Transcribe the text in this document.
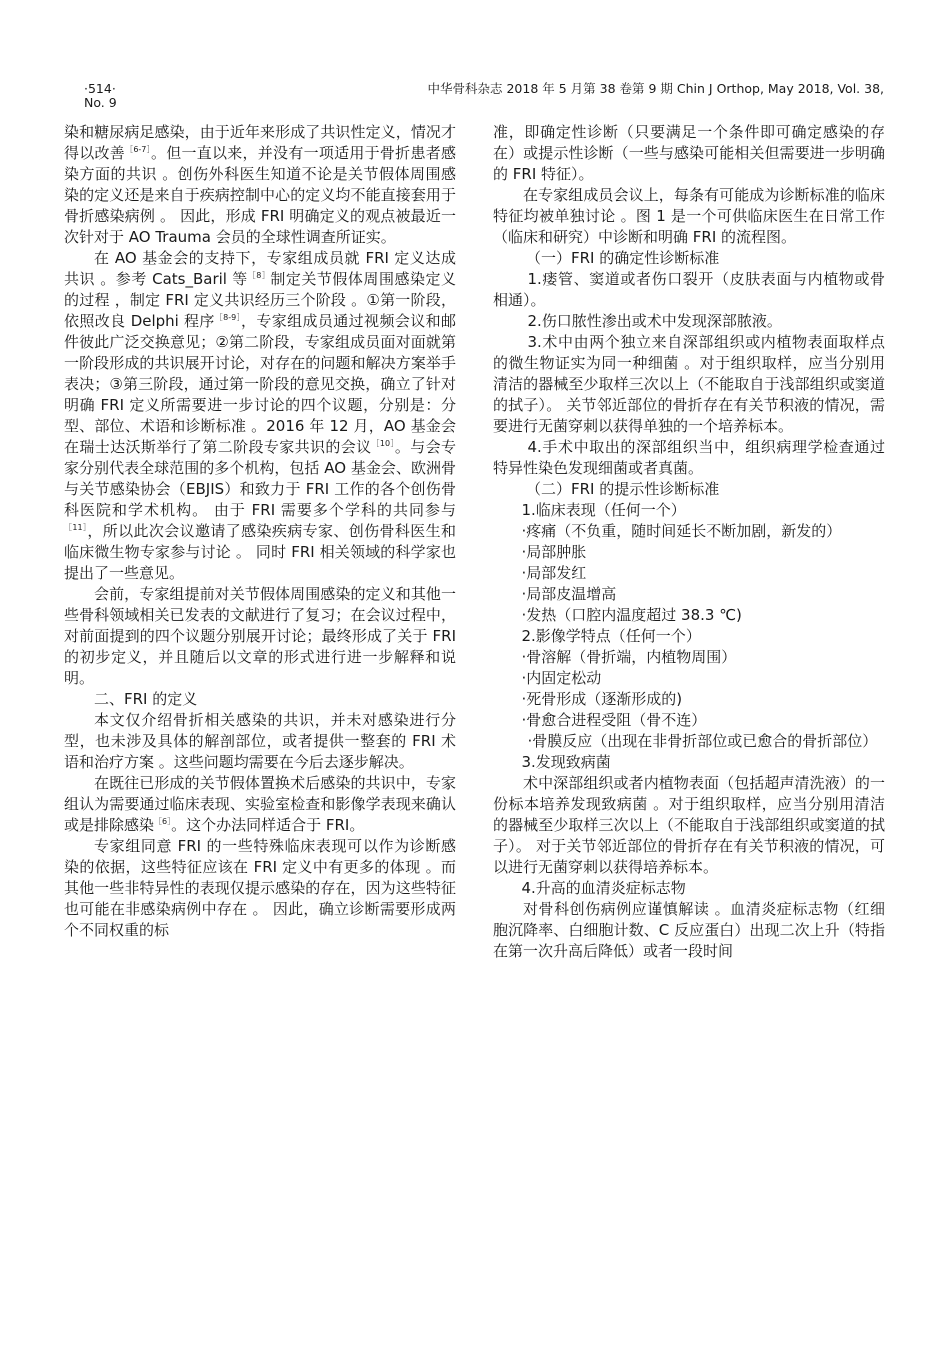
·514·
No. 9
中华骨科杂志 2018 年 5 月第 38 卷第 9 期 Chin J Orthop, May 2018, Vol. 38,

染和糖尿病足感染，由于近年来形成了共识性定义，情况才得以改善$^{[6-7]}$。但一直以来，并没有一项适用于骨折患者感染方面的共识 。创伤外科医生知道不论是关节假体周围感染的定义还是来自于疾病控制中心的定义均不能直接套用于骨折感染病例 。 因此，形成 FRI 明确定义的观点被最近一次针对于 AO Trauma 会员的全球性调查所证实。

在 AO 基金会的支持下，专家组成员就 FRI 定义达成共识 。参考 Cats_Baril 等$^{[8]}$制定关节假体周围感染定义的过程 ，制定 FRI 定义共识经历三个阶段 。①第一阶段，依照改良 Delphi 程序$^{[8-9]}$，专家组成员通过视频会议和邮件彼此广泛交换意见；②第二阶段，专家组成员面对面就第一阶段形成的共识展开讨论，对存在的问题和解决方案举手表决；③第三阶段，通过第一阶段的意见交换，确立了针对明确 FRI 定义所需要进一步讨论的四个议题，分别是：分型、部位、术语和诊断标准 。2016 年 12 月，AO 基金会在瑞士达沃斯举行了第二阶段专家共识的会议$^{[10]}$。与会专家分别代表全球范围的多个机构，包括 AO 基金会、欧洲骨与关节感染协会（EBJIS）和致力于 FRI 工作的各个创伤骨科医院和学术机构。 由于 FRI 需要多个学科的共同参与$^{[11]}$，所以此次会议邀请了感染疾病专家、创伤骨科医生和临床微生物专家参与讨论 。 同时 FRI 相关领域的科学家也提出了一些意见。

会前，专家组提前对关节假体周围感染的定义和其他一些骨科领域相关已发表的文献进行了复习；在会议过程中，对前面提到的四个议题分别展开讨论；最终形成了关于 FRI 的初步定义，并且随后以文章的形式进行进一步解释和说明。

二、FRI 的定义

本文仅介绍骨折相关感染的共识，并未对感染进行分型，也未涉及具体的解剖部位，或者提供一整套的 FRI 术语和治疗方案 。这些问题均需要在今后去逐步解决。

在既往已形成的关节假体置换术后感染的共识中，专家组认为需要通过临床表现、实验室检查和影像学表现来确认或是排除感染$^{[6]}$。这个办法同样适合于 FRI。

专家组同意 FRI 的一些特殊临床表现可以作为诊断感染的依据，这些特征应该在 FRI 定义中有更多的体现 。而其他一些非特异性的表现仅提示感染的存在，因为这些特征也可能在非感染病例中存在 。 因此，确立诊断需要形成两个不同权重的标

准，即确定性诊断（只要满足一个条件即可确定感染的存在）或提示性诊断（一些与感染可能相关但需要进一步明确的 FRI 特征）。

在专家组成员会议上，每条有可能成为诊断标准的临床特征均被单独讨论 。图 1 是一个可供临床医生在日常工作（临床和研究）中诊断和明确 FRI 的流程图。

（一）FRI 的确定性诊断标准

1.瘘管、窦道或者伤口裂开（皮肤表面与内植物或骨相通）。

2.伤口脓性渗出或术中发现深部脓液。

3.术中由两个独立来自深部组织或内植物表面取样点的微生物证实为同一种细菌 。对于组织取样，应当分别用清洁的器械至少取样三次以上（不能取自于浅部组织或窦道的拭子）。 关节邻近部位的骨折存在有关节积液的情况，需要进行无菌穿刺以获得单独的一个培养标本。

4.手术中取出的深部组织当中，组织病理学检查通过特异性染色发现细菌或者真菌。

（二）FRI 的提示性诊断标准

1.临床表现（任何一个）

·疼痛（不负重，随时间延长不断加剧，新发的）

·局部肿胀

·局部发红

·局部皮温增高

·发热（口腔内温度超过 38.3 ℃)

2.影像学特点（任何一个）

·骨溶解（骨折端，内植物周围）

·内固定松动

·死骨形成（逐渐形成的)

·骨愈合进程受阻（骨不连）

·骨膜反应（出现在非骨折部位或已愈合的骨折部位）

3.发现致病菌

术中深部组织或者内植物表面（包括超声清洗液）的一份标本培养发现致病菌 。对于组织取样，应当分别用清洁的器械至少取样三次以上（不能取自于浅部组织或窦道的拭子）。 对于关节邻近部位的骨折存在有关节积液的情况，可以进行无菌穿刺以获得培养标本。

4.升高的血清炎症标志物

对骨科创伤病例应谨慎解读 。血清炎症标志物（红细胞沉降率、白细胞计数、C 反应蛋白）出现二次上升（特指在第一次升高后降低）或者一段时间
